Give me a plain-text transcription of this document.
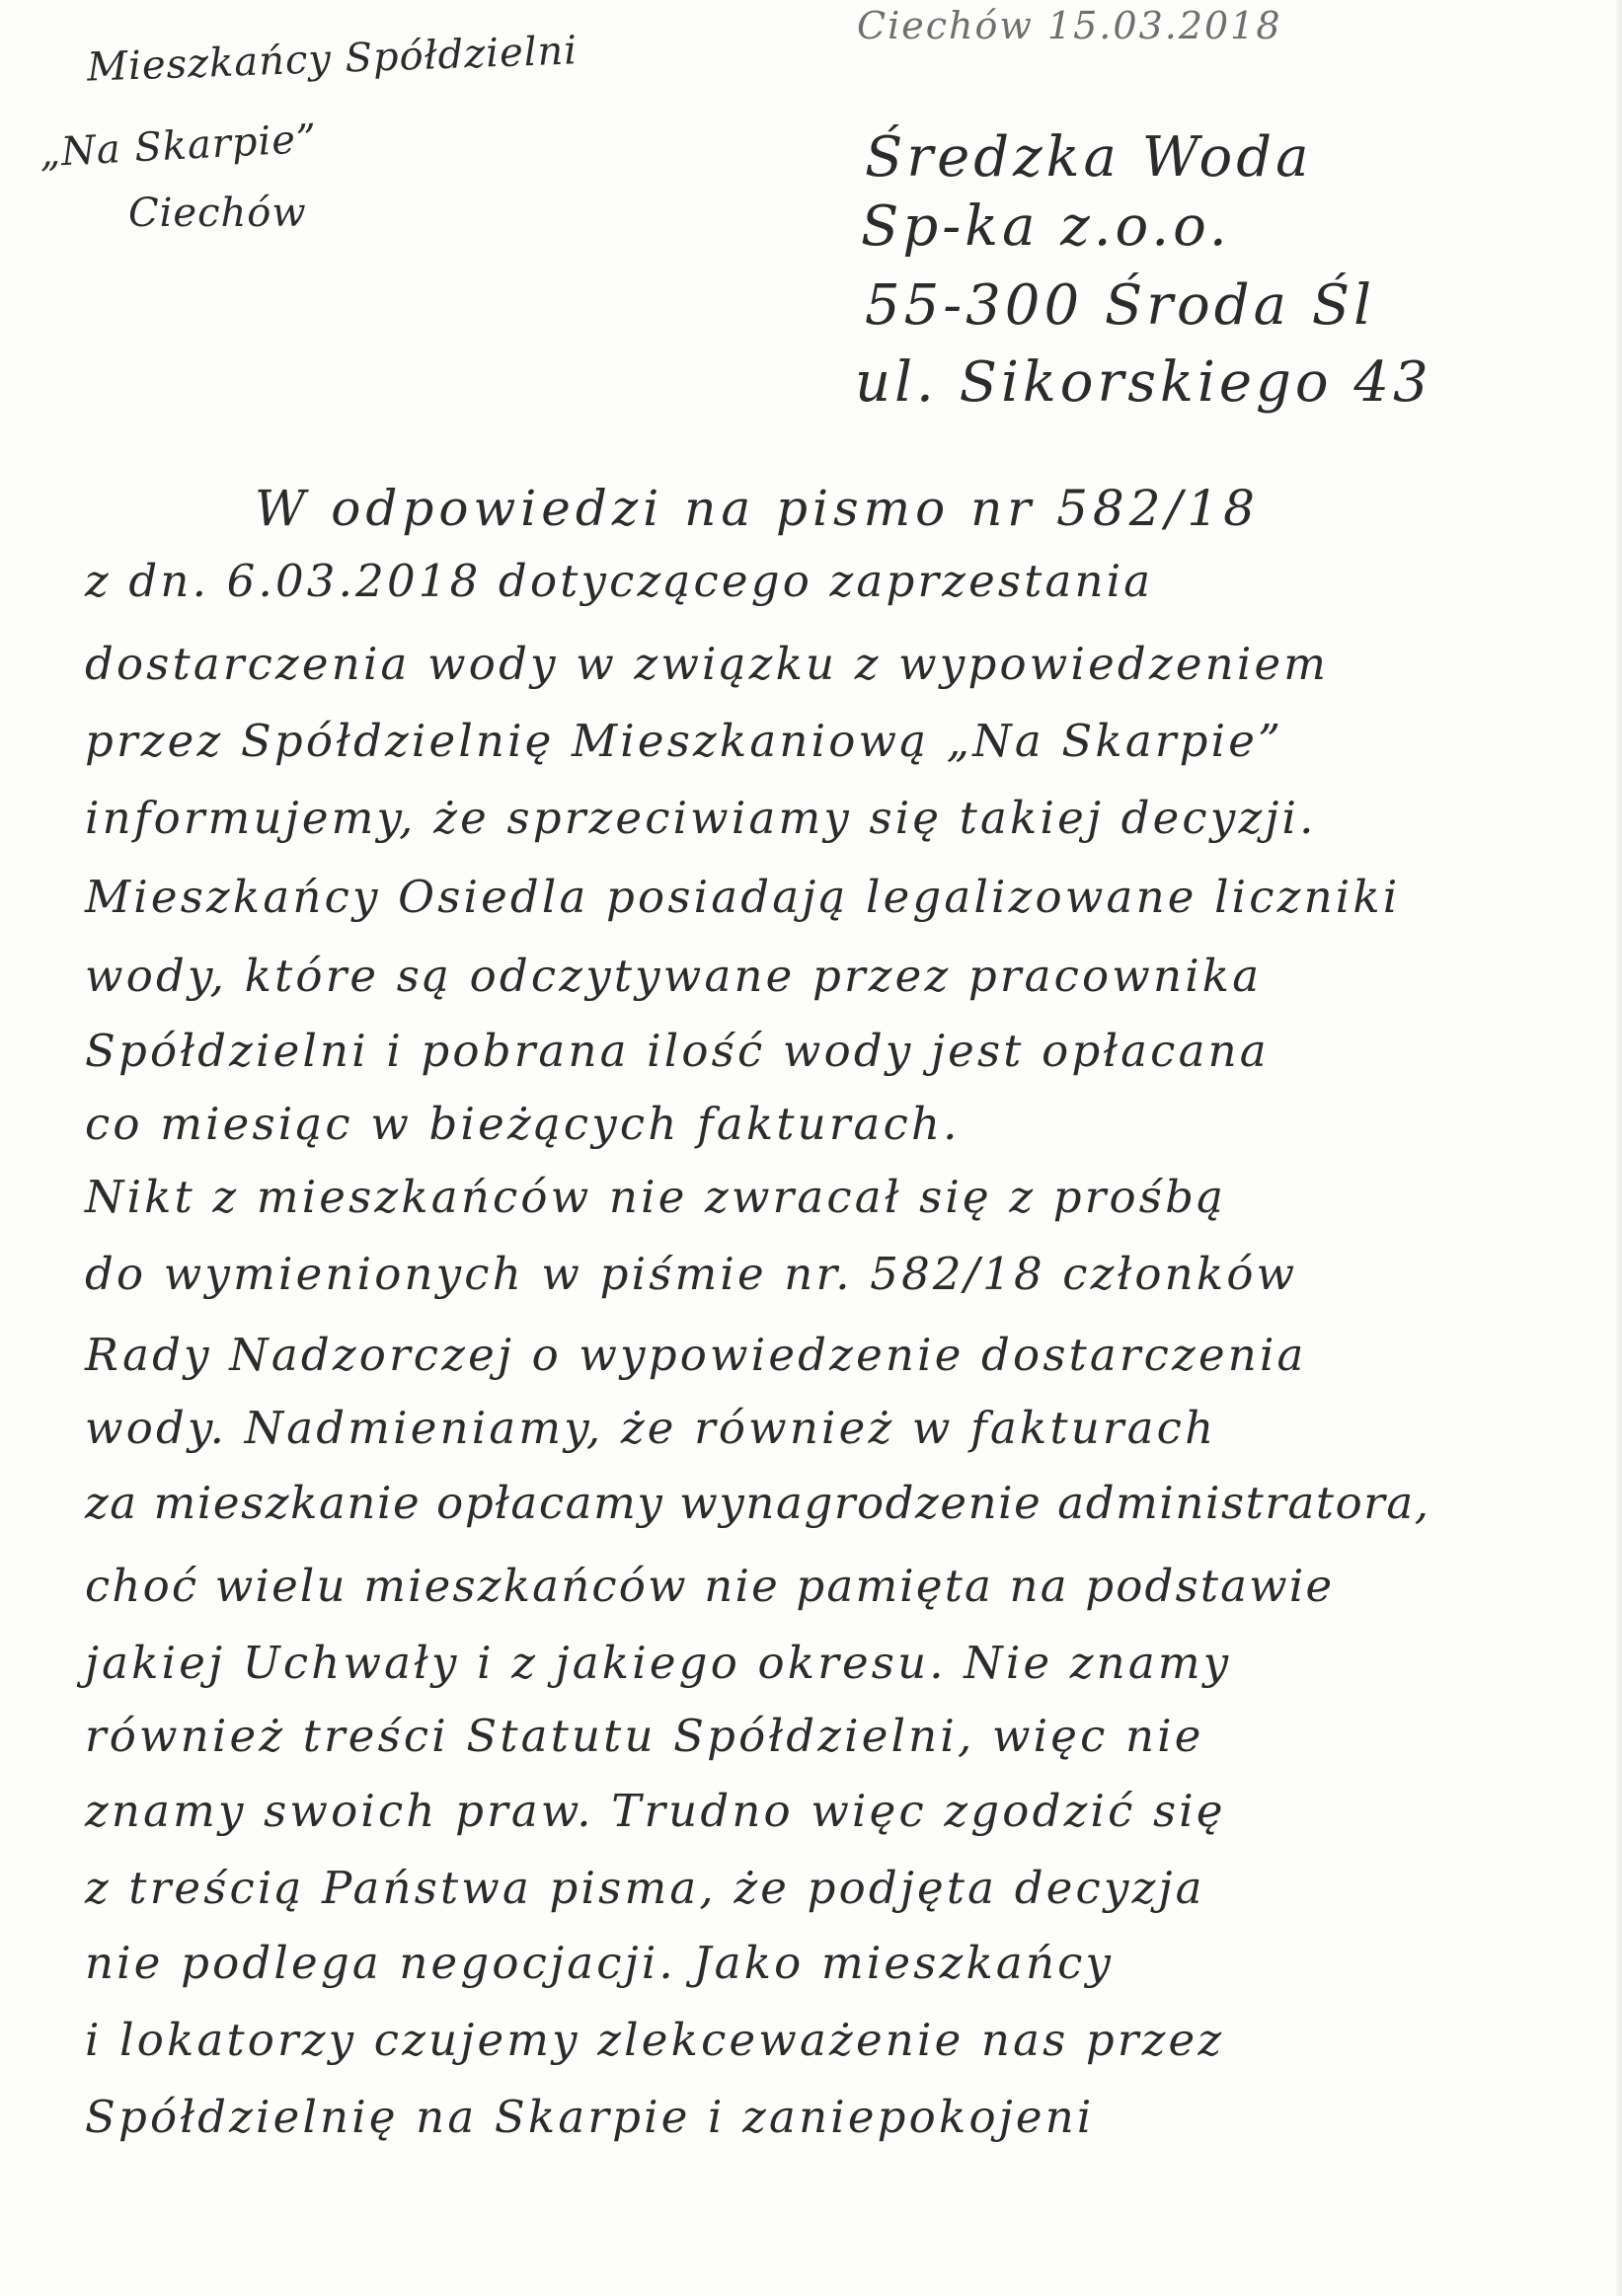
Mieszkańcy Spółdzielni
„Na Skarpie”
Ciechów
Ciechów 15.03.2018
Średzka Woda
Sp-ka z.o.o.
55-300 Środa Śl
ul. Sikorskiego 43
W odpowiedzi na pismo nr 582/18
z dn. 6.03.2018 dotyczącego zaprzestania
dostarczenia wody w związku z wypowiedzeniem
przez Spółdzielnię Mieszkaniową „Na Skarpie”
informujemy, że sprzeciwiamy się takiej decyzji.
Mieszkańcy Osiedla posiadają legalizowane liczniki
wody, które są odczytywane przez pracownika
Spółdzielni i pobrana ilość wody jest opłacana
co miesiąc w bieżących fakturach.
Nikt z mieszkańców nie zwracał się z prośbą
do wymienionych w piśmie nr. 582/18 członków
Rady Nadzorczej o wypowiedzenie dostarczenia
wody. Nadmieniamy, że również w fakturach
za mieszkanie opłacamy wynagrodzenie administratora,
choć wielu mieszkańców nie pamięta na podstawie
jakiej Uchwały i z jakiego okresu. Nie znamy
również treści Statutu Spółdzielni, więc nie
znamy swoich praw. Trudno więc zgodzić się
z treścią Państwa pisma, że podjęta decyzja
nie podlega negocjacji. Jako mieszkańcy
i lokatorzy czujemy zlekceważenie nas przez
Spółdzielnię na Skarpie i zaniepokojeni
